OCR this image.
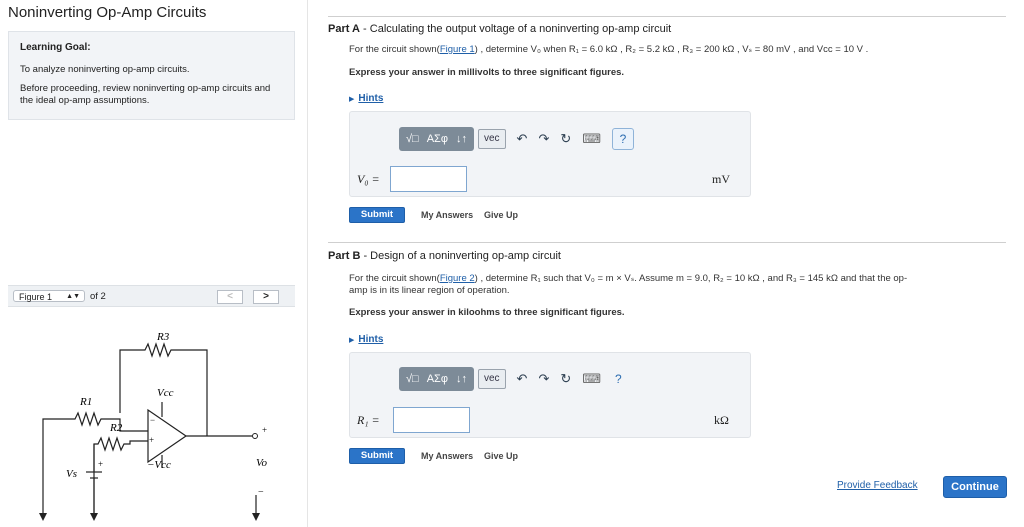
Noninverting Op-Amp Circuits
Learning Goal:

To analyze noninverting op-amp circuits.

Before proceeding, review noninverting op-amp circuits and the ideal op-amp assumptions.

Figure 1 ▲▼ of 2	<	>
−
+
+
+
−
R3
R1
R2
Vcc
−Vcc
Vs
Vo
Part A - Calculating the output voltage of a noninverting op-amp circuit
For the circuit shown(Figure 1) , determine V₀ when R₁ = 6.0 kΩ , R₂ = 5.2 kΩ , R₃ = 200 kΩ , Vₛ = 80 mV , and Vcc = 10 V .
Express your answer in millivolts to three significant figures.
▶ Hints
√□ ΑΣφ ↓↑	vec	↶ ↷ ↻ ⌨	?
V₀ =	mV
Submit	My Answers Give Up
Part B - Design of a noninverting op-amp circuit
For the circuit shown(Figure 2) , determine R₁ such that V₀ = m × Vₛ. Assume m = 9.0, R₂ = 10 kΩ , and R₃ = 145 kΩ and that the op-
amp is in its linear region of operation.
Express your answer in kiloohms to three significant figures.
▶ Hints
√□ ΑΣφ ↓↑	vec	↶ ↷ ↻ ⌨ ?
R₁ =	kΩ
Submit	My Answers Give Up
Provide Feedback	Continue
